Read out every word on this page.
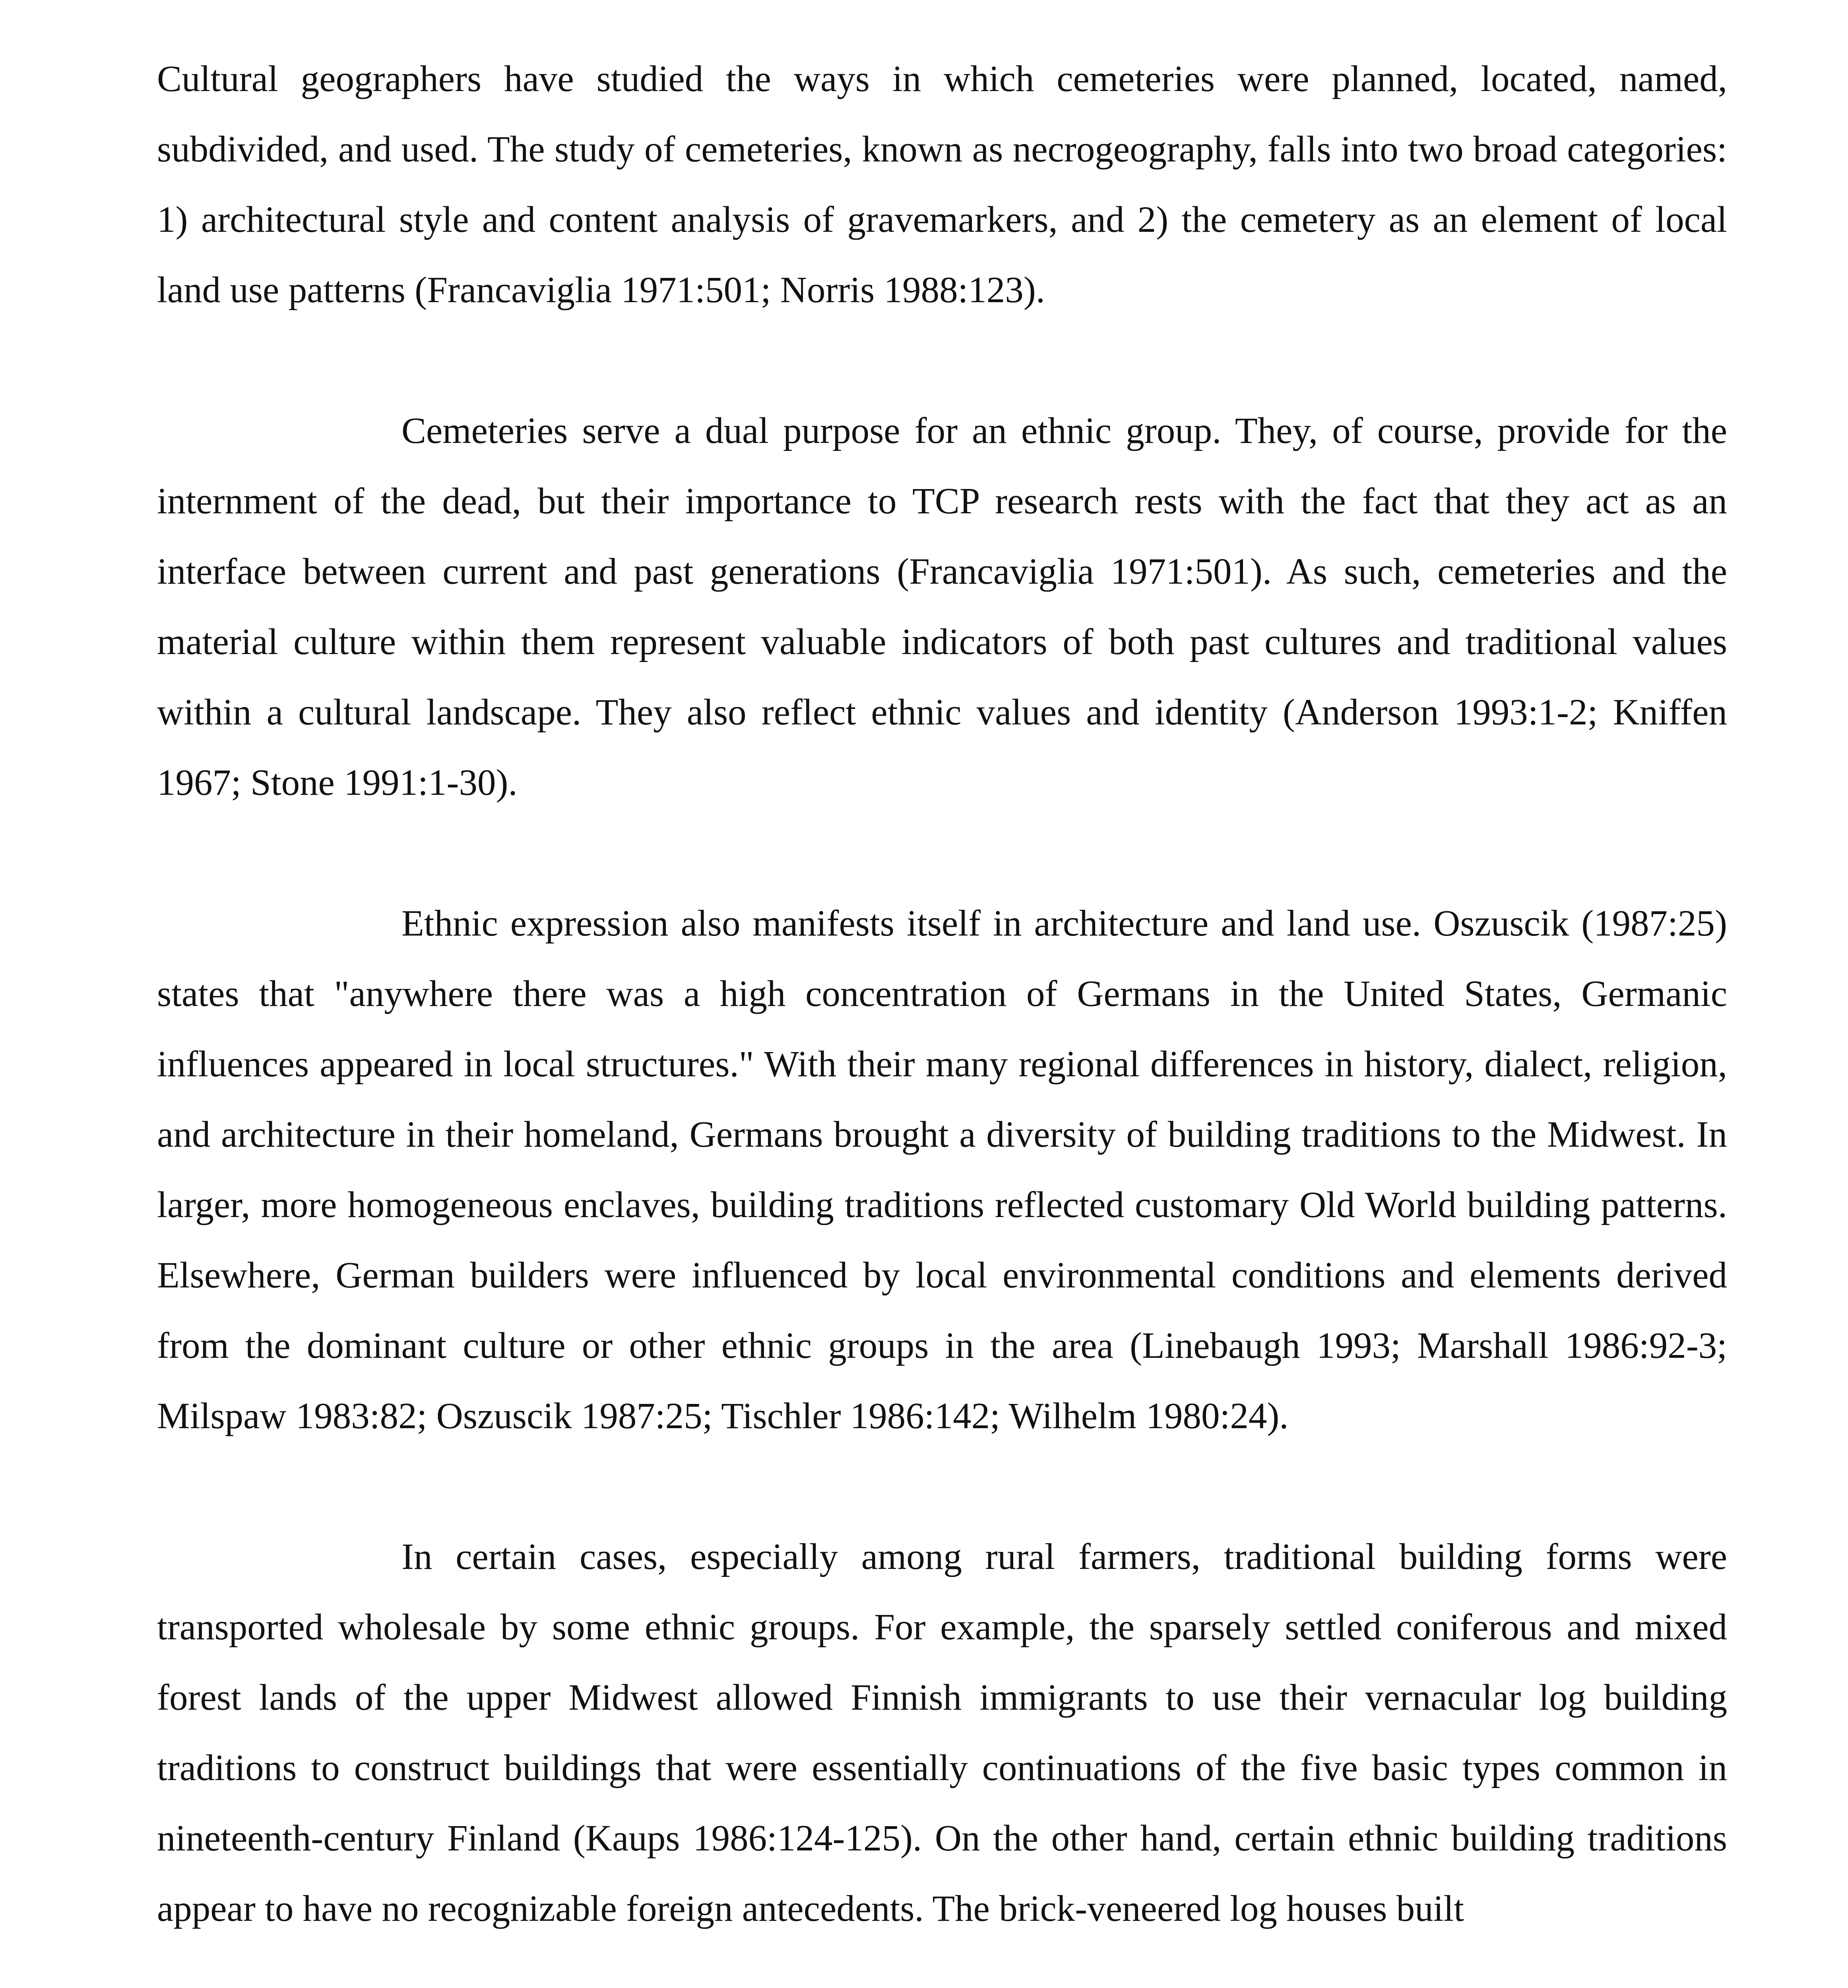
Cultural geographers have studied the ways in which cemeteries were planned, located, named, subdivided, and used. The study of cemeteries, known as necrogeography, falls into two broad categories: 1) architectural style and content analysis of gravemarkers, and 2) the cemetery as an element of local land use patterns (Francaviglia 1971:501; Norris 1988:123).

Cemeteries serve a dual purpose for an ethnic group. They, of course, provide for the internment of the dead, but their importance to TCP research rests with the fact that they act as an interface between current and past generations (Francaviglia 1971:501). As such, cemeteries and the material culture within them represent valuable indicators of both past cultures and traditional values within a cultural landscape. They also reflect ethnic values and identity (Anderson 1993:1-2; Kniffen 1967; Stone 1991:1-30).

Ethnic expression also manifests itself in architecture and land use. Oszuscik (1987:25) states that "anywhere there was a high concentration of Germans in the United States, Germanic influences appeared in local structures." With their many regional differences in history, dialect, religion, and architecture in their homeland, Germans brought a diversity of building traditions to the Midwest. In larger, more homogeneous enclaves, building traditions reflected customary Old World building patterns. Elsewhere, German builders were influenced by local environmental conditions and elements derived from the dominant culture or other ethnic groups in the area (Linebaugh 1993; Marshall 1986:92-3; Milspaw 1983:82; Oszuscik 1987:25; Tischler 1986:142; Wilhelm 1980:24).

In certain cases, especially among rural farmers, traditional building forms were transported wholesale by some ethnic groups. For example, the sparsely settled coniferous and mixed forest lands of the upper Midwest allowed Finnish immigrants to use their vernacular log building traditions to construct buildings that were essentially continuations of the five basic types common in nineteenth-century Finland (Kaups 1986:124-125). On the other hand, certain ethnic building traditions appear to have no recognizable foreign antecedents. The brick-veneered log houses built
